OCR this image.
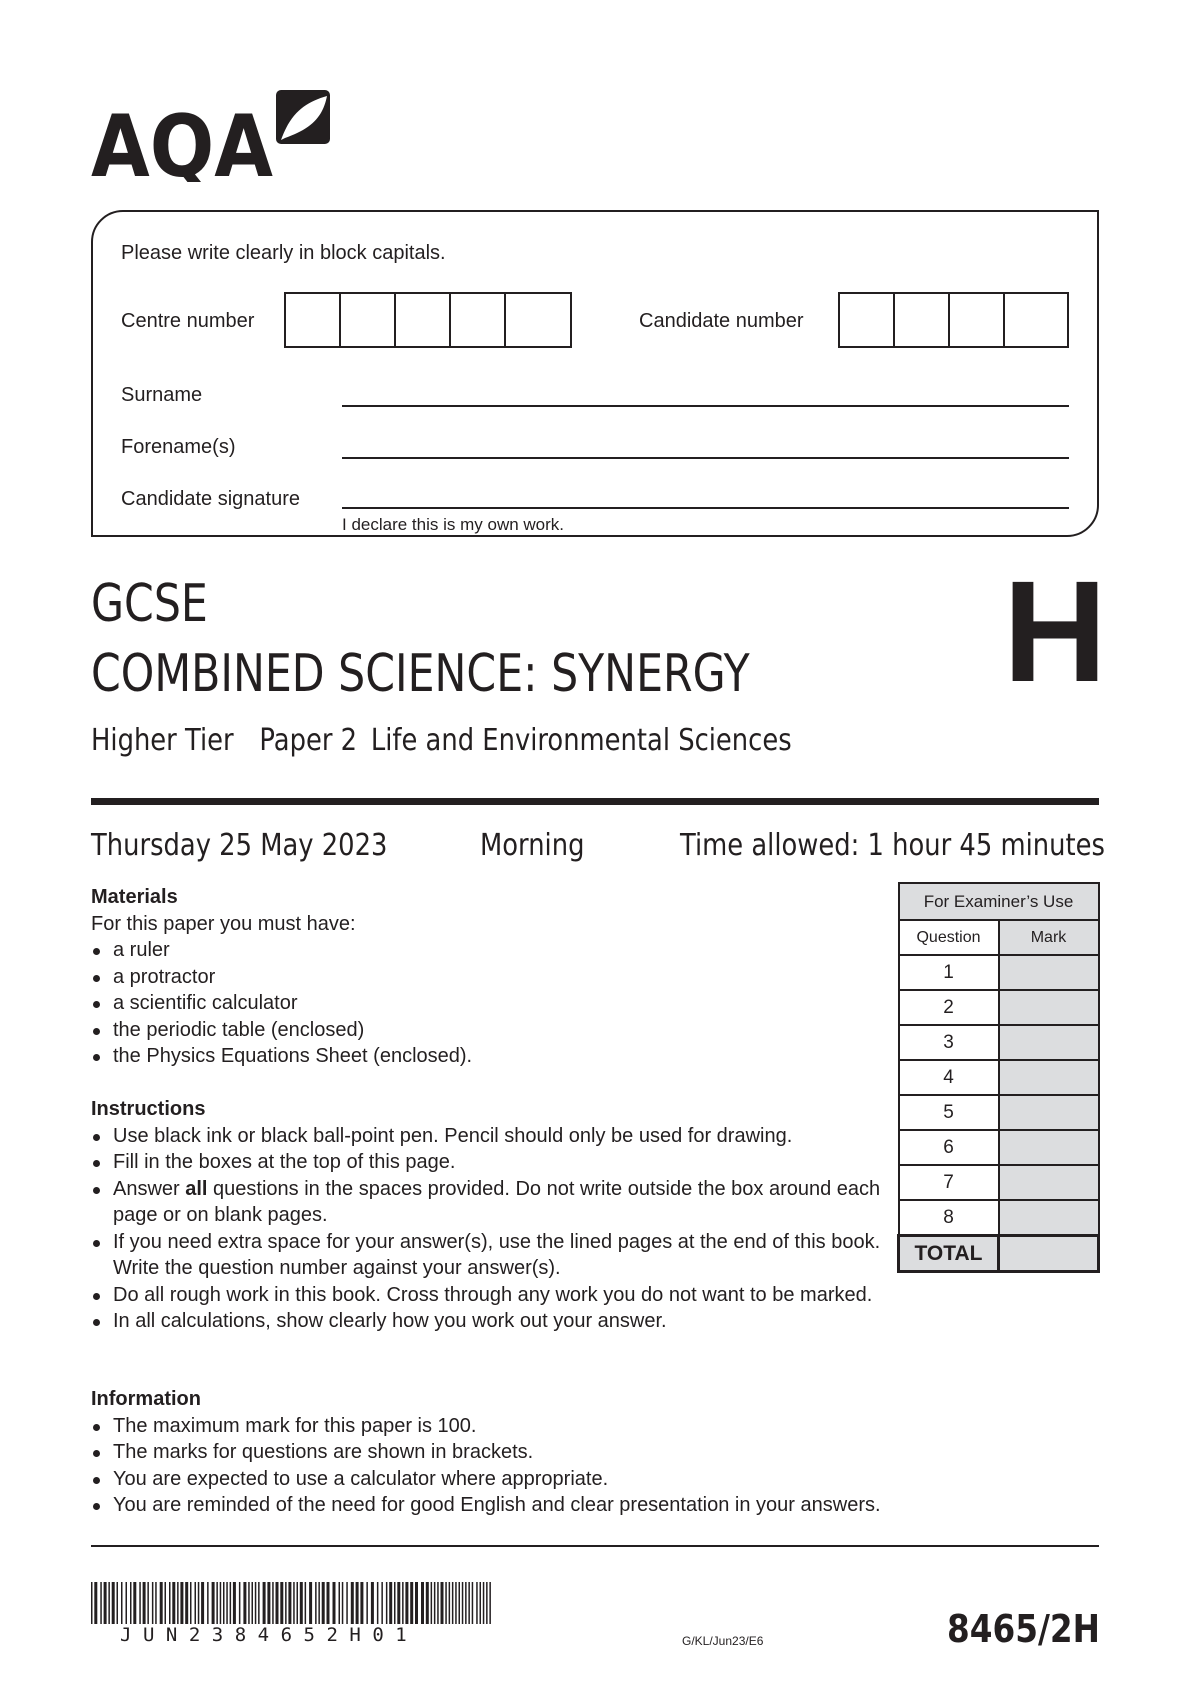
AQA
Please write clearly in block capitals.
Centre number	Candidate number
Surname
Forename(s)
Candidate signature
I declare this is my own work.
GCSE
COMBINED SCIENCE: SYNERGY
Higher Tier Paper 2 Life and Environmental Sciences
H
Thursday 25 May 2023	Morning	Time allowed: 1 hour 45 minutes
Materials
For this paper you must have:
a ruler
a protractor
a scientific calculator
the periodic table (enclosed)
the Physics Equations Sheet (enclosed).
Instructions
Use black ink or black ball-point pen. Pencil should only be used for drawing.
Fill in the boxes at the top of this page.
Answer all questions in the spaces provided. Do not write outside the box around each page or on blank pages.
If you need extra space for your answer(s), use the lined pages at the end of this book. Write the question number against your answer(s).
Do all rough work in this book. Cross through any work you do not want to be marked.
In all calculations, show clearly how you work out your answer.
Information
The maximum mark for this paper is 100.
The marks for questions are shown in brackets.
You are expected to use a calculator where appropriate.
You are reminded of the need for good English and clear presentation in your answers.
For Examiner’s Use	
Question	Mark
1	
2	
3	
4	
5	
6	
7	
8	
TOTAL	
JUN2384652H01	G/KL/Jun23/E6	8465/2H
